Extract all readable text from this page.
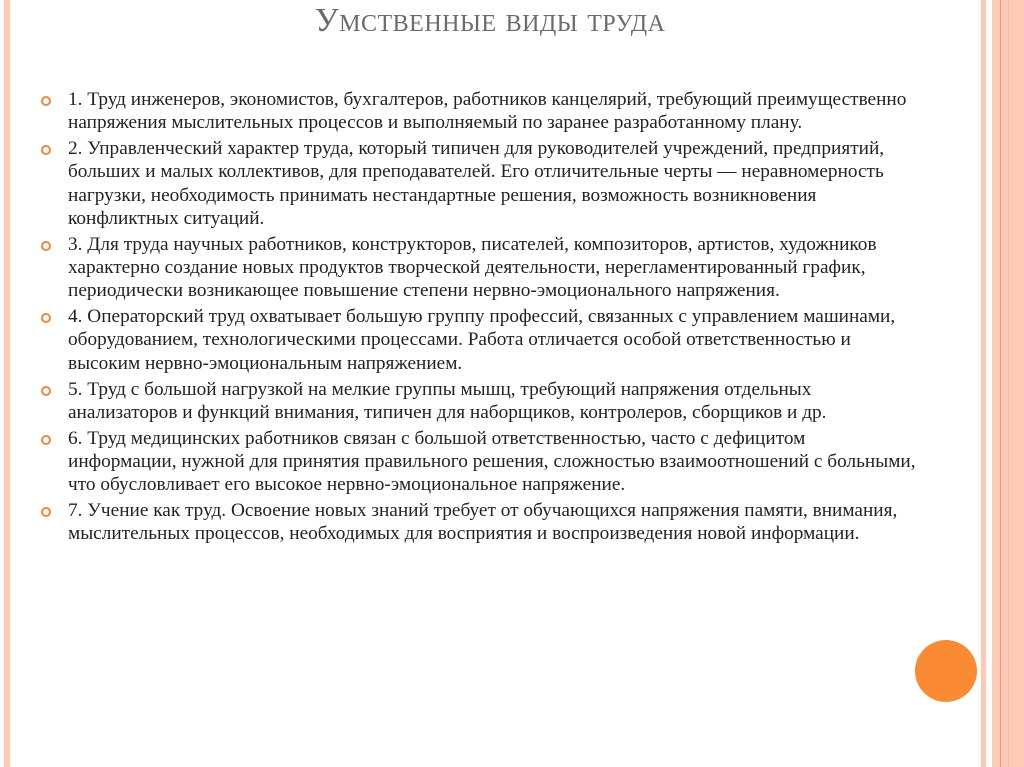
Умственные виды труда
1. Труд инженеров, экономистов, бухгалтеров, работников канцелярий, требующий преимущественно напряжения мыслительных процессов и выполняемый по заранее разработанному плану.
2. Управленческий характер труда, который типичен для руководителей учреждений, предприятий, больших и малых коллективов, для преподавателей. Его отличительные черты — неравномерность нагрузки, необходимость принимать нестандартные решения, возможность возникновения конфликтных ситуаций.
3. Для труда научных работников, конструкторов, писателей, композиторов, артистов, художников характерно создание новых продуктов творческой деятельности, нерегламентированный график, периодически возникающее повышение степени нервно-эмоционального напряжения.
4. Операторский труд охватывает большую группу профессий, связанных с управлением машинами, оборудованием, технологическими процессами. Работа отличается особой ответственностью и высоким нервно-эмоциональным напряжением.
5. Труд с большой нагрузкой на мелкие группы мышц, требующий напряжения отдельных анализаторов и функций внимания, типичен для наборщиков, контролеров, сборщиков и др.
6. Труд медицинских работников связан с большой ответственностью, часто с дефицитом информации, нужной для принятия правильного решения, сложностью взаимоотношений с больными, что обусловливает его высокое нервно-эмоциональное напряжение.
7. Учение как труд. Освоение новых знаний требует от обучающихся напряжения памяти, внимания, мыслительных процессов, необходимых для восприятия и воспроизведения новой информации.
